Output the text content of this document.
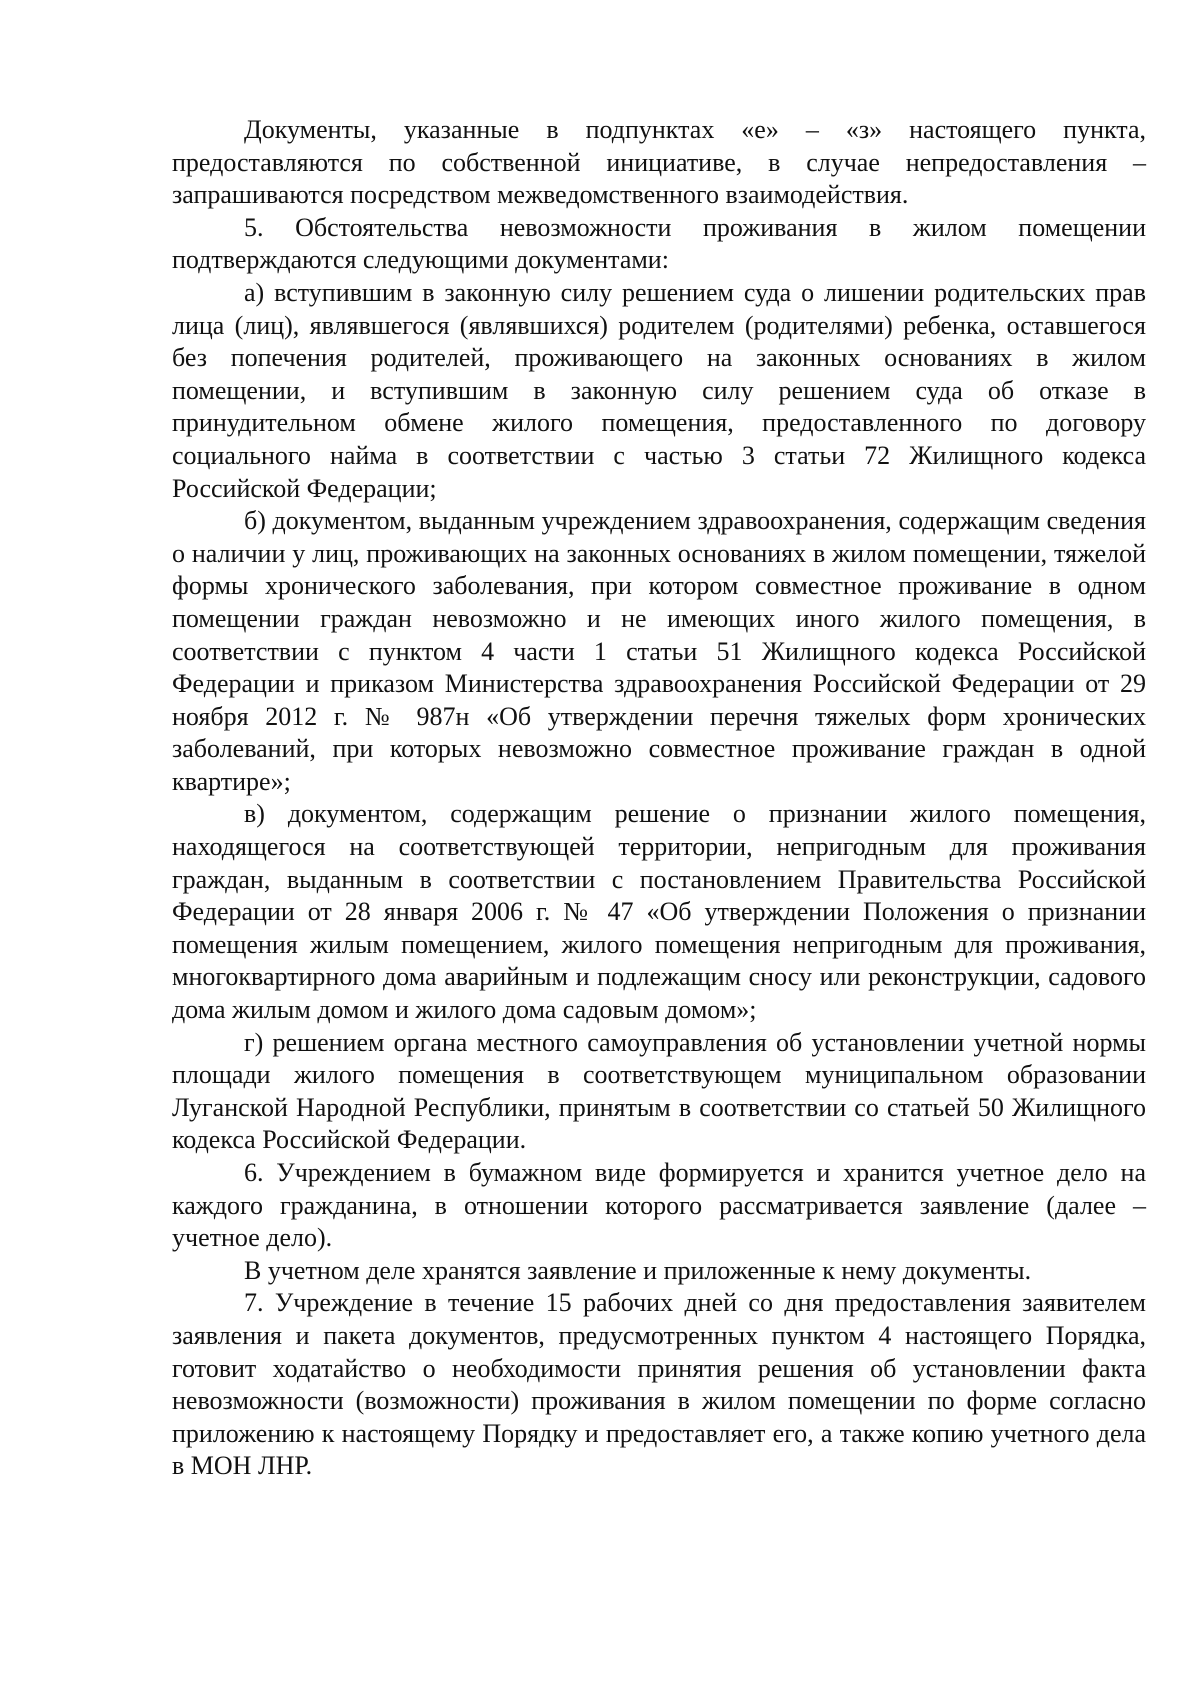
Документы, указанные в подпунктах «е» – «з» настоящего пункта, предоставляются по собственной инициативе, в случае непредоставления – запрашиваются посредством межведомственного взаимодействия.

5. Обстоятельства невозможности проживания в жилом помещении подтверждаются следующими документами:

а) вступившим в законную силу решением суда о лишении родительских прав лица (лиц), являвшегося (являвшихся) родителем (родителями) ребенка, оставшегося без попечения родителей, проживающего на законных основаниях в жилом помещении, и вступившим в законную силу решением суда об отказе в принудительном обмене жилого помещения, предоставленного по договору социального найма в соответствии с частью 3 статьи 72 Жилищного кодекса Российской Федерации;

б) документом, выданным учреждением здравоохранения, содержащим сведения о наличии у лиц, проживающих на законных основаниях в жилом помещении, тяжелой формы хронического заболевания, при котором совместное проживание в одном помещении граждан невозможно и не имеющих иного жилого помещения, в соответствии с пунктом 4 части 1 статьи 51 Жилищного кодекса Российской Федерации и приказом Министерства здравоохранения Российской Федерации от 29 ноября 2012 г. № 987н «Об утверждении перечня тяжелых форм хронических заболеваний, при которых невозможно совместное проживание граждан в одной квартире»;

в) документом, содержащим решение о признании жилого помещения, находящегося на соответствующей территории, непригодным для проживания граждан, выданным в соответствии с постановлением Правительства Российской Федерации от 28 января 2006 г. № 47 «Об утверждении Положения о признании помещения жилым помещением, жилого помещения непригодным для проживания, многоквартирного дома аварийным и подлежащим сносу или реконструкции, садового дома жилым домом и жилого дома садовым домом»;

г) решением органа местного самоуправления об установлении учетной нормы площади жилого помещения в соответствующем муниципальном образовании Луганской Народной Республики, принятым в соответствии со статьей 50 Жилищного кодекса Российской Федерации.

6. Учреждением в бумажном виде формируется и хранится учетное дело на каждого гражданина, в отношении которого рассматривается заявление (далее – учетное дело).

В учетном деле хранятся заявление и приложенные к нему документы.

7. Учреждение в течение 15 рабочих дней со дня предоставления заявителем заявления и пакета документов, предусмотренных пунктом 4 настоящего Порядка, готовит ходатайство о необходимости принятия решения об установлении факта невозможности (возможности) проживания в жилом помещении по форме согласно приложению к настоящему Порядку и предоставляет его, а также копию учетного дела в МОН ЛНР.
